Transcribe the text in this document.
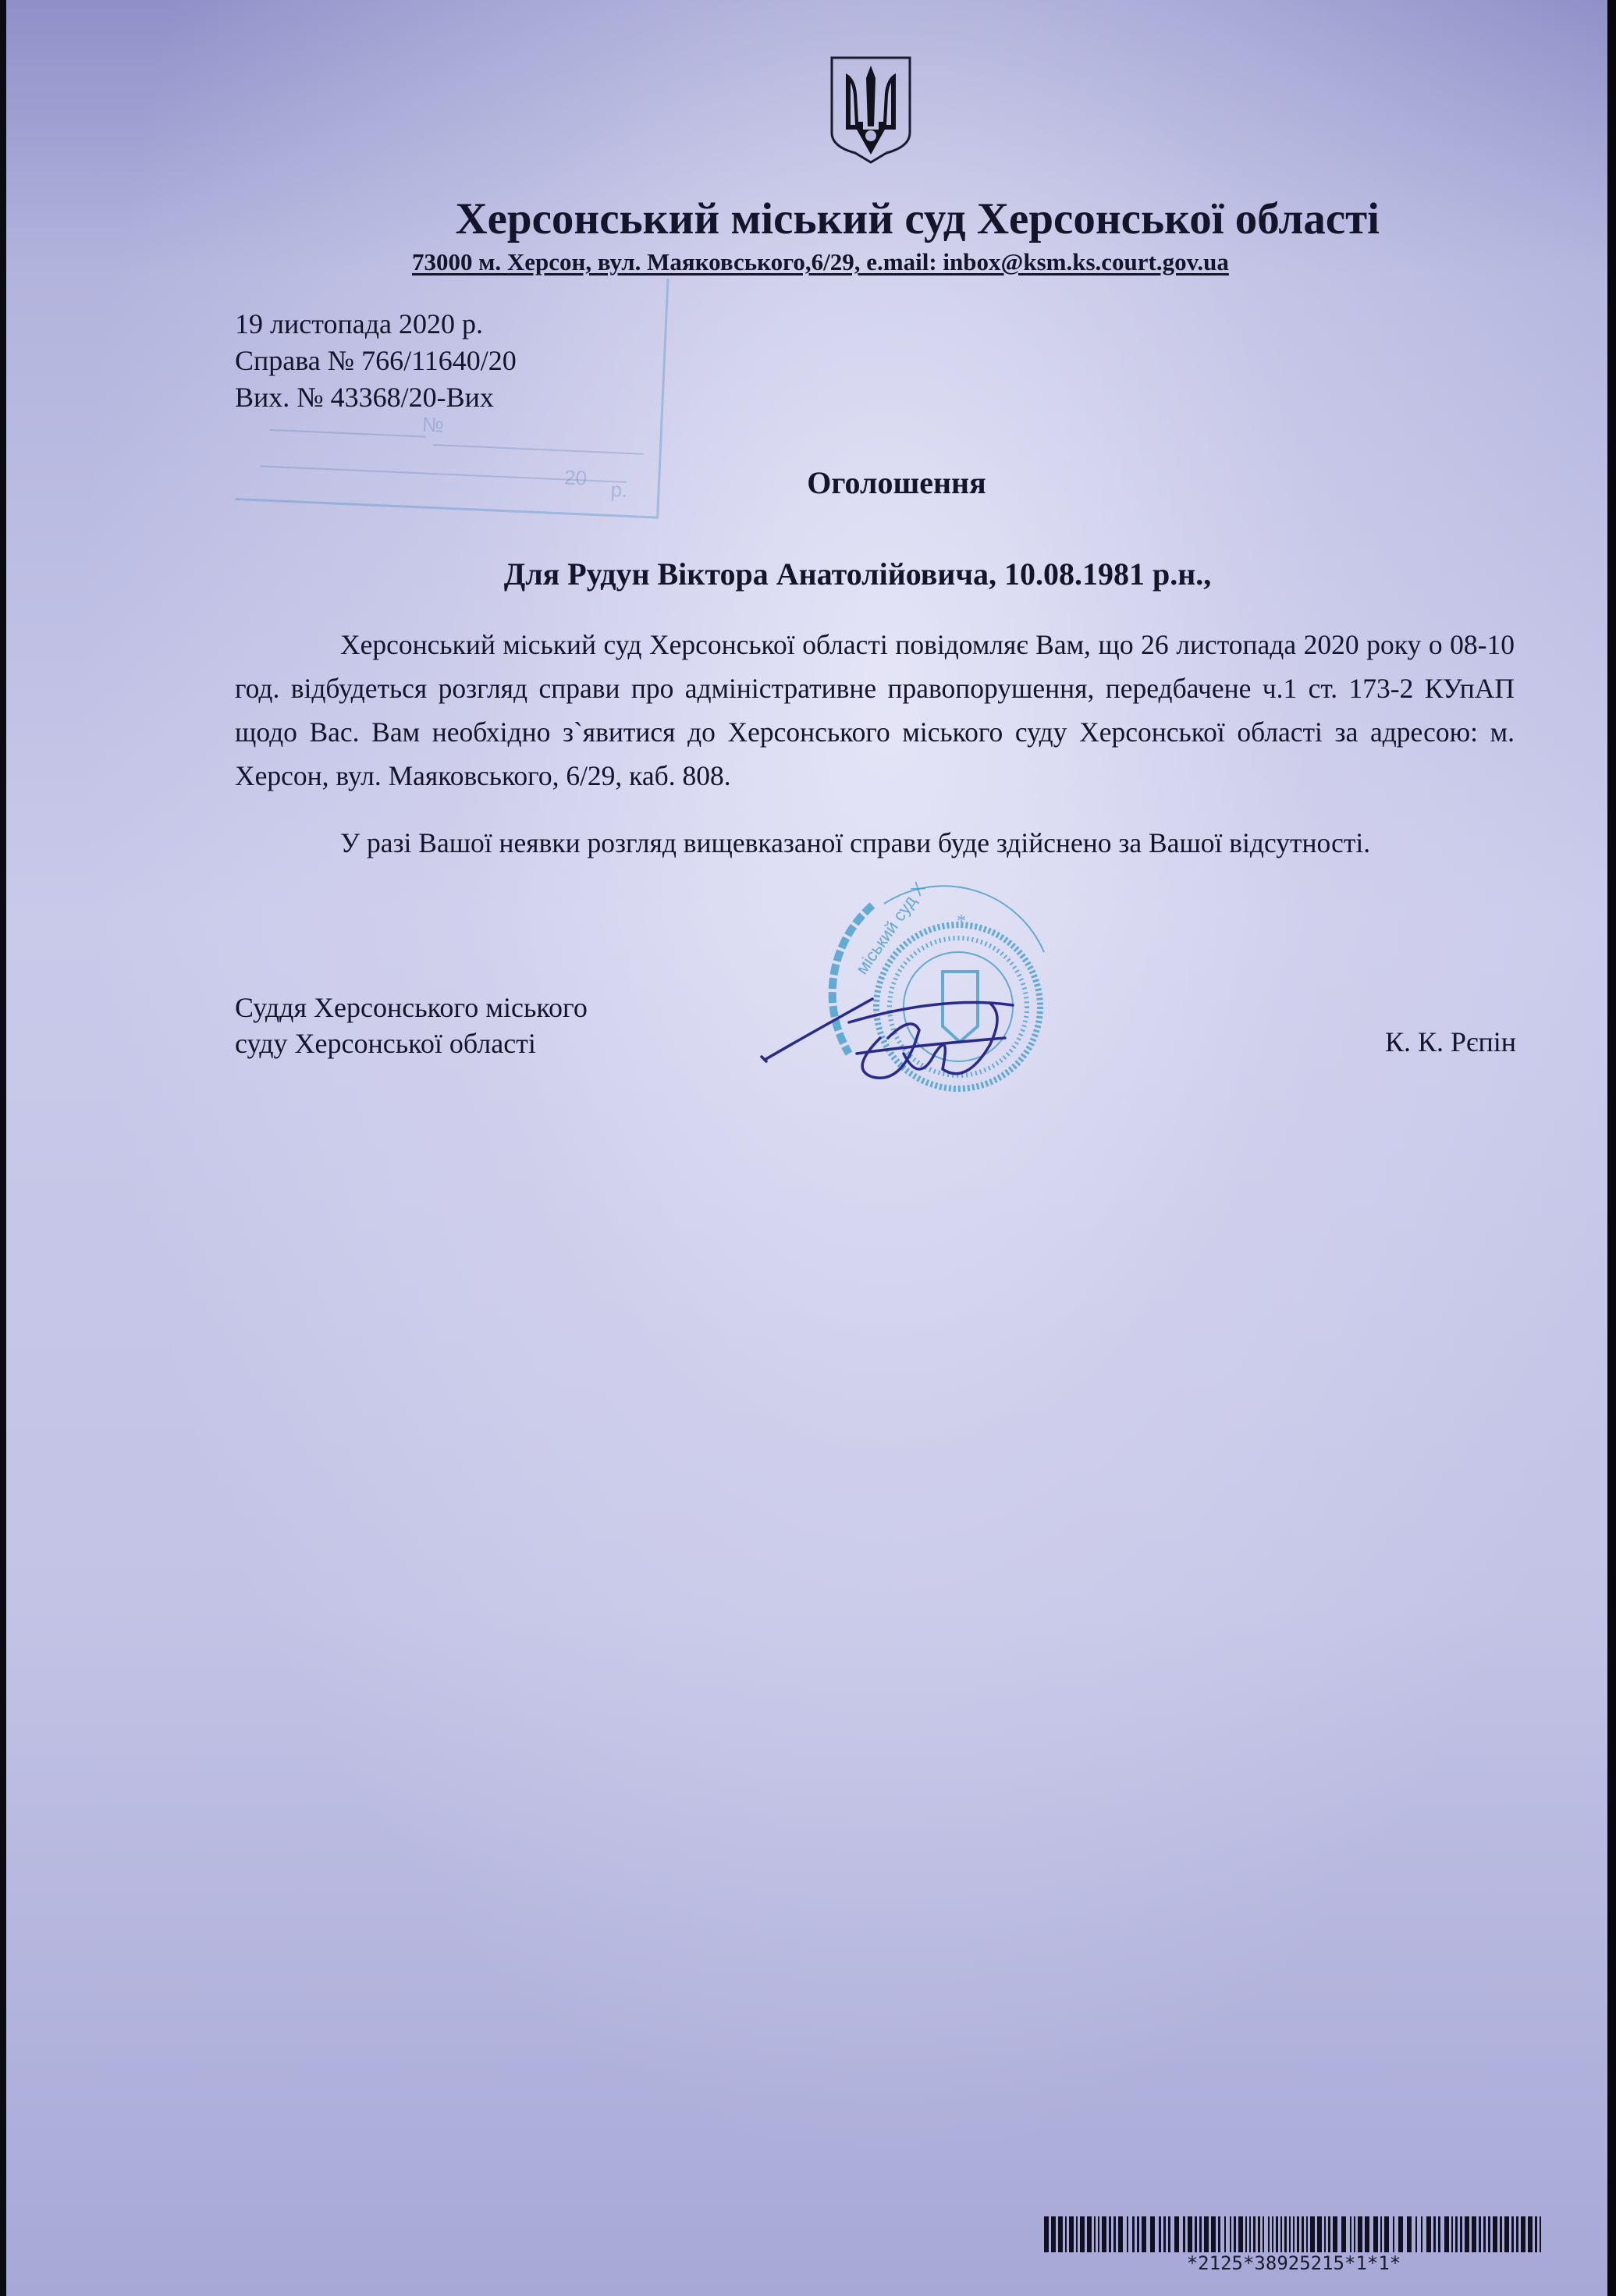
Херсонський міський суд Херсонської області
73000 м. Херсон, вул. Маяковського,6/29, e.mail: inbox@ksm.ks.court.gov.ua
№
20 р.
19 листопада 2020 р.
Справа № 766/11640/20
Вих. № 43368/20-Вих
Оголошення
Для Рудун Віктора Анатолійовича, 10.08.1981 р.н.,
Херсонський міський суд Херсонської області повідомляє Вам, що 26 листопада 2020 року о 08-10 год. відбудеться розгляд справи про адміністративне правопорушення, передбачене ч.1 ст. 173-2 КУпАП щодо Вас. Вам необхідно з`явитися до Херсонського міського суду Херсонської області за адресою: м. Херсон, вул. Маяковського, 6/29, каб. 808.
У разі Вашої неявки розгляд вищевказаної справи буде здійснено за Вашої відсутності.
міський суд Х *
Суддя Херсонського міського
суду Херсонської області	К. К. Рєпін
*2125*38925215*1*1*
